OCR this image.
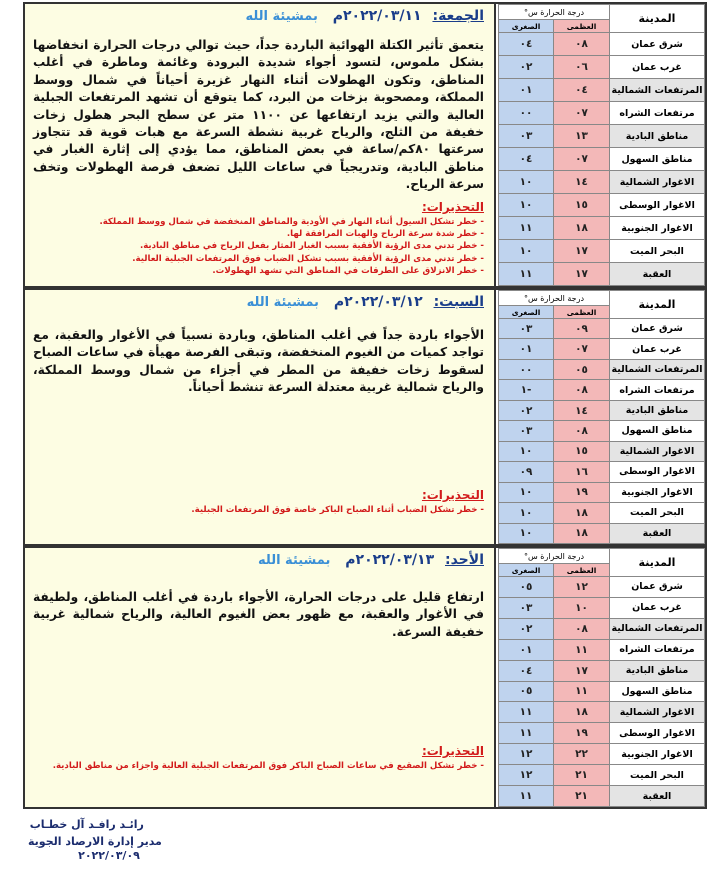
الجمعة: ٢٠٢٢/٠٣/١١م بمشيئة الله
يتعمق تأثير الكتلة الهوائية الباردة جداً، حيث توالي درجات الحرارة انخفاضها بشكل ملموس، لتسود أجواء شديدة البرودة وغائمة وماطرة في أغلب المناطق، وتكون الهطولات أثناء النهار غزيرة أحياناً في شمال ووسط المملكة، ومصحوبة بزخات من البرد، كما يتوقع أن تشهد المرتفعات الجبلية العالية والتي يزيد ارتفاعها عن ١١٠٠ متر عن سطح البحر هطول زخات خفيفة من الثلج، والرياح غربية نشطة السرعة مع هبات قوية قد تتجاوز سرعتها ٨٠كم/ساعة في بعض المناطق، مما يؤدي إلى إثارة الغبار في مناطق البادية، وتدريجياً في ساعات الليل تضعف فرصة الهطولات وتخف سرعة الرياح.
التحذيرات:
- خطر تشكل السيول أثناء النهار في الأودية والمناطق المنخفضة في شمال ووسط المملكة.
- خطر شدة سرعة الرياح والهبات المرافقة لها.
- خطر تدني مدى الرؤية الأفقية بسبب الغبار المثار بفعل الرياح في مناطق البادية.
- خطر تدني مدى الرؤية الأفقية بسبب تشكل الضباب فوق المرتفعات الجبلية العالية.
- خطر الانزلاق على الطرقات في المناطق التي تشهد الهطولات.
المدينة	درجة الحرارة س°	
	العظمى	الصغرى
شرق عمان	٠٨	٠٤
غرب عمان	٠٦	٠٢
المرتفعات الشمالية	٠٤	٠١
مرتفعات الشراه	٠٧	٠٠
مناطق البادية	١٣	٠٣
مناطق السهول	٠٧	٠٤
الاغوار الشمالية	١٤	١٠
الاغوار الوسطى	١٥	١٠
الاغوار الجنوبية	١٨	١١
البحر الميت	١٧	١٠
العقبة	١٧	١١
السبت: ٢٠٢٢/٠٣/١٢م بمشيئة الله
الأجواء باردة جداً في أغلب المناطق، وباردة نسبياً في الأغوار والعقبة، مع تواجد كميات من الغيوم المنخفضة، وتبقى الفرصة مهيأة في ساعات الصباح لسقوط زخات خفيفة من المطر في أجزاء من شمال ووسط المملكة، والرياح شمالية غربية معتدلة السرعة تنشط أحياناً.
التحذيرات:
- خطر تشكل الضباب أثناء الصباح الباكر خاصة فوق المرتفعات الجبلية.
المدينة	درجة الحرارة س°	
	العظمى	الصغرى
شرق عمان	٠٩	٠٣
غرب عمان	٠٧	٠١
المرتفعات الشمالية	٠٥	٠٠
مرتفعات الشراه	٠٨	-١
مناطق البادية	١٤	٠٢
مناطق السهول	٠٨	٠٣
الاغوار الشمالية	١٥	١٠
الاغوار الوسطى	١٦	٠٩
الاغوار الجنوبية	١٩	١٠
البحر الميت	١٨	١٠
العقبة	١٨	١٠
الأحد: ٢٠٢٢/٠٣/١٣م بمشيئة الله
ارتفاع قليل على درجات الحرارة، الأجواء باردة في أغلب المناطق، ولطيفة في الأغوار والعقبة، مع ظهور بعض الغيوم العالية، والرياح شمالية غربية خفيفة السرعة.
التحذيرات:
- خطر تشكل الصقيع في ساعات الصباح الباكر فوق المرتفعات الجبلية العالية واجزاء من مناطق البادية.
المدينة	درجة الحرارة س°	
	العظمى	الصغرى
شرق عمان	١٢	٠٥
غرب عمان	١٠	٠٣
المرتفعات الشمالية	٠٨	٠٢
مرتفعات الشراه	١١	٠١
مناطق البادية	١٧	٠٤
مناطق السهول	١١	٠٥
الاغوار الشمالية	١٨	١١
الاغوار الوسطى	١٩	١١
الاغوار الجنوبية	٢٢	١٢
البحر الميت	٢١	١٢
العقبة	٢١	١١
رائـد رافـد آل خطـاب
مدير إدارة الارصاد الجوية
٢٠٢٢/٠٣/٠٩
